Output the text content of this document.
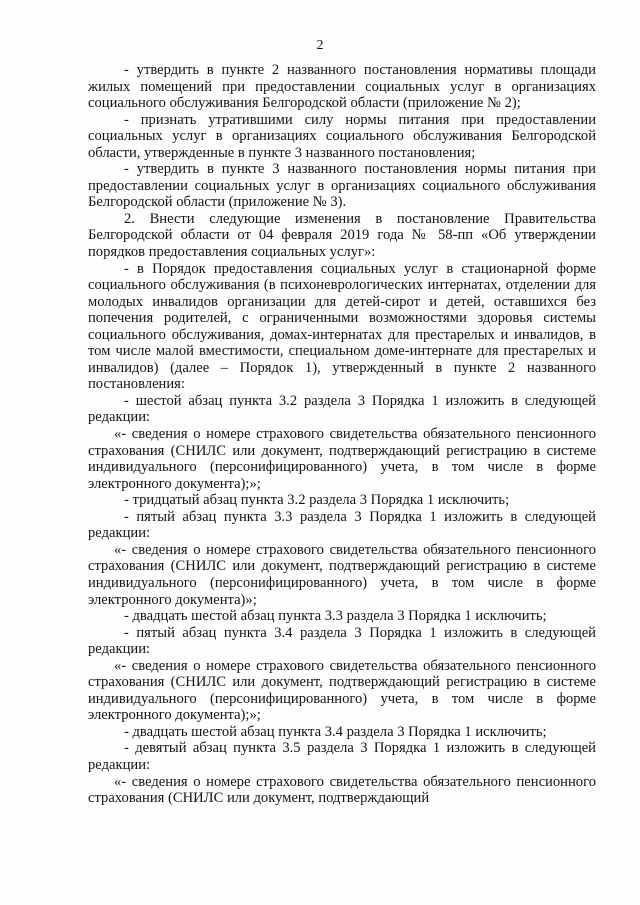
2

- утвердить в пункте 2 названного постановления нормативы площади жилых помещений при предоставлении социальных услуг в организациях социального обслуживания Белгородской области (приложение № 2);

- признать утратившими силу нормы питания при предоставлении социальных услуг в организациях социального обслуживания Белгородской области, утвержденные в пункте 3 названного постановления;

- утвердить в пункте 3 названного постановления нормы питания при предоставлении социальных услуг в организациях социального обслуживания Белгородской области (приложение № 3).

2. Внести следующие изменения в постановление Правительства Белгородской области от 04 февраля 2019 года № 58-пп «Об утверждении порядков предоставления социальных услуг»:

- в Порядок предоставления социальных услуг в стационарной форме социального обслуживания (в психоневрологических интернатах, отделении для молодых инвалидов организации для детей-сирот и детей, оставшихся без попечения родителей, с ограниченными возможностями здоровья системы социального обслуживания, домах-интернатах для престарелых и инвалидов, в том числе малой вместимости, специальном доме-интернате для престарелых и инвалидов) (далее – Порядок 1), утвержденный в пункте 2 названного постановления:

- шестой абзац пункта 3.2 раздела 3 Порядка 1 изложить в следующей редакции:

«- сведения о номере страхового свидетельства обязательного пенсионного страхования (СНИЛС или документ, подтверждающий регистрацию в системе индивидуального (персонифицированного) учета, в том числе в форме электронного документа);»;

- тридцатый абзац пункта 3.2 раздела 3 Порядка 1 исключить;

- пятый абзац пункта 3.3 раздела 3 Порядка 1 изложить в следующей редакции:

«- сведения о номере страхового свидетельства обязательного пенсионного страхования (СНИЛС или документ, подтверждающий регистрацию в системе индивидуального (персонифицированного) учета, в том числе в форме электронного документа)»;

- двадцать шестой абзац пункта 3.3 раздела 3 Порядка 1 исключить;

- пятый абзац пункта 3.4 раздела 3 Порядка 1 изложить в следующей редакции:

«- сведения о номере страхового свидетельства обязательного пенсионного страхования (СНИЛС или документ, подтверждающий регистрацию в системе индивидуального (персонифицированного) учета, в том числе в форме электронного документа);»;

- двадцать шестой абзац пункта 3.4 раздела 3 Порядка 1 исключить;

- девятый абзац пункта 3.5 раздела 3 Порядка 1 изложить в следующей редакции:

«- сведения о номере страхового свидетельства обязательного пенсионного страхования (СНИЛС или документ, подтверждающий
